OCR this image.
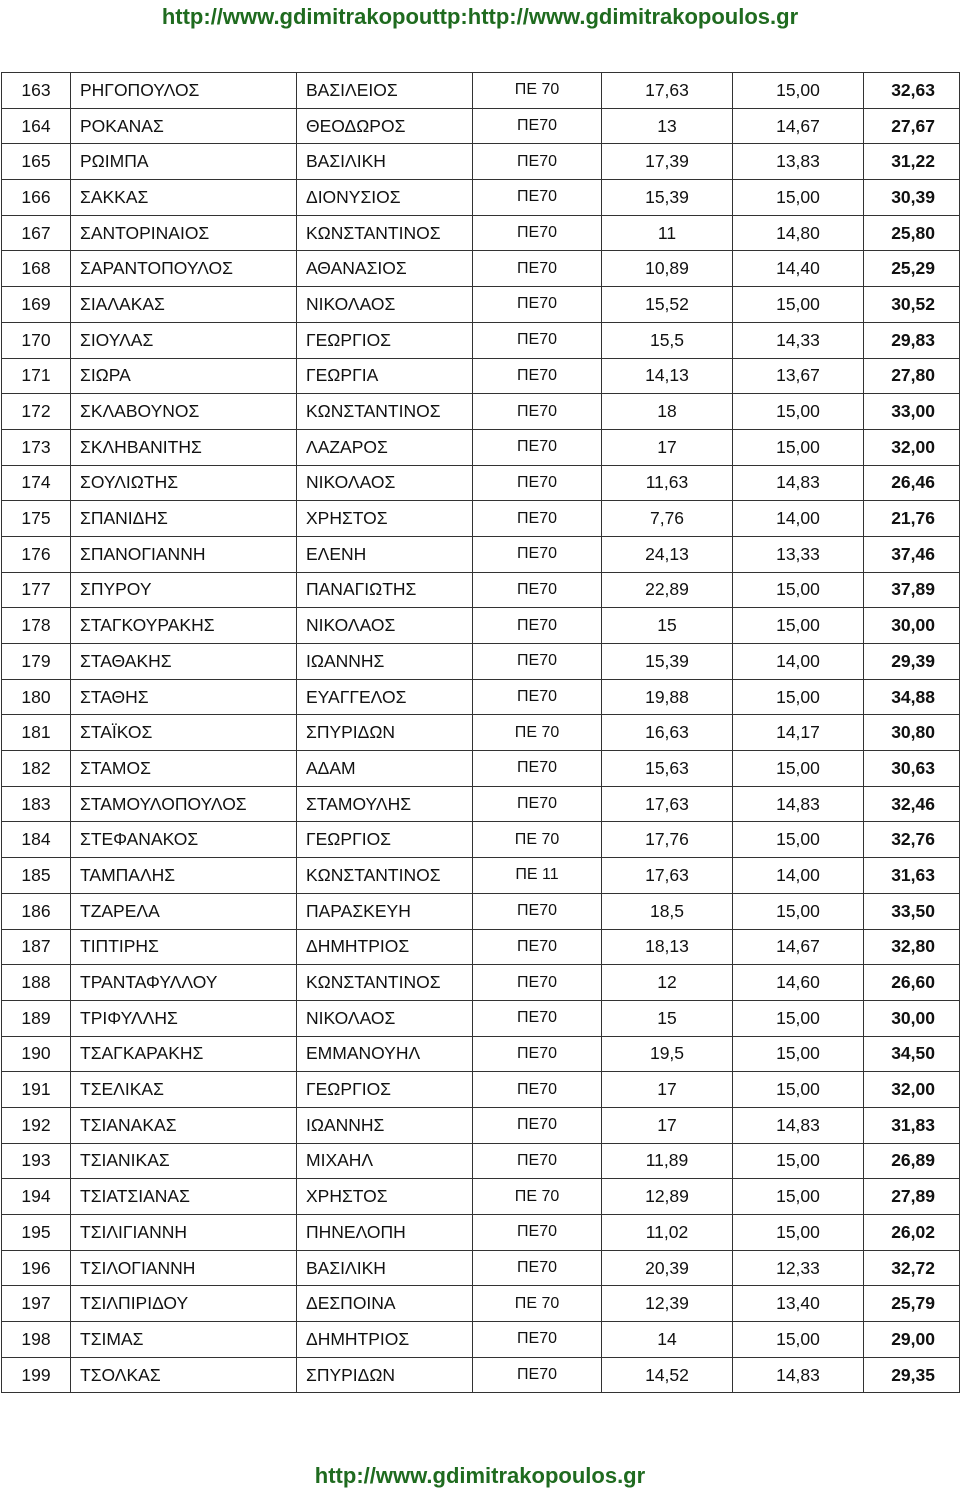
http://www.gdimitrakopouttp:http://www.gdimitrakopoulos.gr
163	ΡΗΓΟΠΟΥΛΟΣ	ΒΑΣΙΛΕΙΟΣ	ΠΕ 70	17,63	15,00	32,63
164	ΡΟΚΑΝΑΣ	ΘΕΟΔΩΡΟΣ	ΠΕ70	13	14,67	27,67
165	ΡΩΙΜΠΑ	ΒΑΣΙΛΙΚΗ	ΠΕ70	17,39	13,83	31,22
166	ΣΑΚΚΑΣ	ΔΙΟΝΥΣΙΟΣ	ΠΕ70	15,39	15,00	30,39
167	ΣΑΝΤΟΡΙΝΑΙΟΣ	ΚΩΝΣΤΑΝΤΙΝΟΣ	ΠΕ70	11	14,80	25,80
168	ΣΑΡΑΝΤΟΠΟΥΛΟΣ	ΑΘΑΝΑΣΙΟΣ	ΠΕ70	10,89	14,40	25,29
169	ΣΙΑΛΑΚΑΣ	ΝΙΚΟΛΑΟΣ	ΠΕ70	15,52	15,00	30,52
170	ΣΙΟΥΛΑΣ	ΓΕΩΡΓΙΟΣ	ΠΕ70	15,5	14,33	29,83
171	ΣΙΩΡΑ	ΓΕΩΡΓΙΑ	ΠΕ70	14,13	13,67	27,80
172	ΣΚΛΑΒΟΥΝΟΣ	ΚΩΝΣΤΑΝΤΙΝΟΣ	ΠΕ70	18	15,00	33,00
173	ΣΚΛΗΒΑΝΙΤΗΣ	ΛΑΖΑΡΟΣ	ΠΕ70	17	15,00	32,00
174	ΣΟΥΛΙΩΤΗΣ	ΝΙΚΟΛΑΟΣ	ΠΕ70	11,63	14,83	26,46
175	ΣΠΑΝΙΔΗΣ	ΧΡΗΣΤΟΣ	ΠΕ70	7,76	14,00	21,76
176	ΣΠΑΝΟΓΙΑΝΝΗ	ΕΛΕΝΗ	ΠΕ70	24,13	13,33	37,46
177	ΣΠΥΡΟΥ	ΠΑΝΑΓΙΩΤΗΣ	ΠΕ70	22,89	15,00	37,89
178	ΣΤΑΓΚΟΥΡΑΚΗΣ	ΝΙΚΟΛΑΟΣ	ΠΕ70	15	15,00	30,00
179	ΣΤΑΘΑΚΗΣ	ΙΩΑΝΝΗΣ	ΠΕ70	15,39	14,00	29,39
180	ΣΤΑΘΗΣ	ΕΥΑΓΓΕΛΟΣ	ΠΕ70	19,88	15,00	34,88
181	ΣΤΑΪΚΟΣ	ΣΠΥΡΙΔΩΝ	ΠΕ 70	16,63	14,17	30,80
182	ΣΤΑΜΟΣ	ΑΔΑΜ	ΠΕ70	15,63	15,00	30,63
183	ΣΤΑΜΟΥΛΟΠΟΥΛΟΣ	ΣΤΑΜΟΥΛΗΣ	ΠΕ70	17,63	14,83	32,46
184	ΣΤΕΦΑΝΑΚΟΣ	ΓΕΩΡΓΙΟΣ	ΠΕ 70	17,76	15,00	32,76
185	ΤΑΜΠΑΛΗΣ	ΚΩΝΣΤΑΝΤΙΝΟΣ	ΠΕ 11	17,63	14,00	31,63
186	ΤΖΑΡΕΛΑ	ΠΑΡΑΣΚΕΥΗ	ΠΕ70	18,5	15,00	33,50
187	ΤΙΠΤΙΡΗΣ	ΔΗΜΗΤΡΙΟΣ	ΠΕ70	18,13	14,67	32,80
188	ΤΡΑΝΤΑΦΥΛΛΟΥ	ΚΩΝΣΤΑΝΤΙΝΟΣ	ΠΕ70	12	14,60	26,60
189	ΤΡΙΦΥΛΛΗΣ	ΝΙΚΟΛΑΟΣ	ΠΕ70	15	15,00	30,00
190	ΤΣΑΓΚΑΡΑΚΗΣ	ΕΜΜΑΝΟΥΗΛ	ΠΕ70	19,5	15,00	34,50
191	ΤΣΕΛΙΚΑΣ	ΓΕΩΡΓΙΟΣ	ΠΕ70	17	15,00	32,00
192	ΤΣΙΑΝΑΚΑΣ	ΙΩΑΝΝΗΣ	ΠΕ70	17	14,83	31,83
193	ΤΣΙΑΝΙΚΑΣ	ΜΙΧΑΗΛ	ΠΕ70	11,89	15,00	26,89
194	ΤΣΙΑΤΣΙΑΝΑΣ	ΧΡΗΣΤΟΣ	ΠΕ 70	12,89	15,00	27,89
195	ΤΣΙΛΙΓΙΑΝΝΗ	ΠΗΝΕΛΟΠΗ	ΠΕ70	11,02	15,00	26,02
196	ΤΣΙΛΟΓΙΑΝΝΗ	ΒΑΣΙΛΙΚΗ	ΠΕ70	20,39	12,33	32,72
197	ΤΣΙΛΠΙΡΙΔΟΥ	ΔΕΣΠΟΙΝΑ	ΠΕ 70	12,39	13,40	25,79
198	ΤΣΙΜΑΣ	ΔΗΜΗΤΡΙΟΣ	ΠΕ70	14	15,00	29,00
199	ΤΣΟΛΚΑΣ	ΣΠΥΡΙΔΩΝ	ΠΕ70	14,52	14,83	29,35
http://www.gdimitrakopoulos.gr
